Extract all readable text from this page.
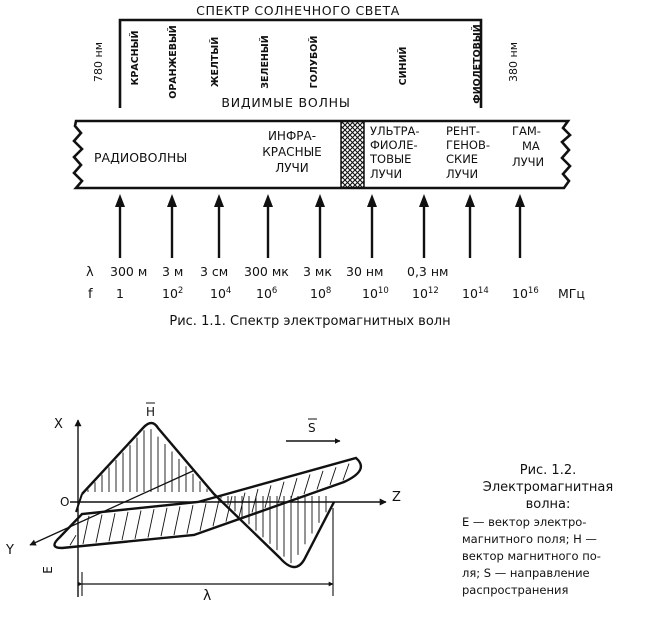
СПЕКТР СОЛНЕЧНОГО СВЕТА
780 нм	380 нм
КРАСНЫЙ	ОРАНЖЕВЫЙ	ЖЕЛТЫЙ	ЗЕЛЕНЫЙ	ГОЛУБОЙ	СИНИЙ	ФИОЛЕТОВЫЙ
ВИДИМЫЕ ВОЛНЫ
РАДИОВОЛНЫ
ИНФРА-
КРАСНЫЕ
ЛУЧИ
УЛЬТРА-
ФИОЛЕ-
ТОВЫЕ
ЛУЧИ
РЕНТ-
ГЕНОВ-
СКИЕ
ЛУЧИ
ГАМ-
МА
ЛУЧИ
λ 300 м 3 м 3 см 300 мк 3 мк 30 нм 0,3 нм
f 1	$10^2$ $10^4$ $10^6$	$10^8$ $10^{10}$ $10^{12}$ $10^{14}$ $10^{16}$ МГц
Рис. 1.1. Спектр электромагнитных волн
X
Y
Z
O
H
S
E
λ
Рис. 1.2.
Электромагнитная
волна:
E — вектор электро-
магнитного поля; H —
вектор магнитного по-
ля; S — направление
распространения
